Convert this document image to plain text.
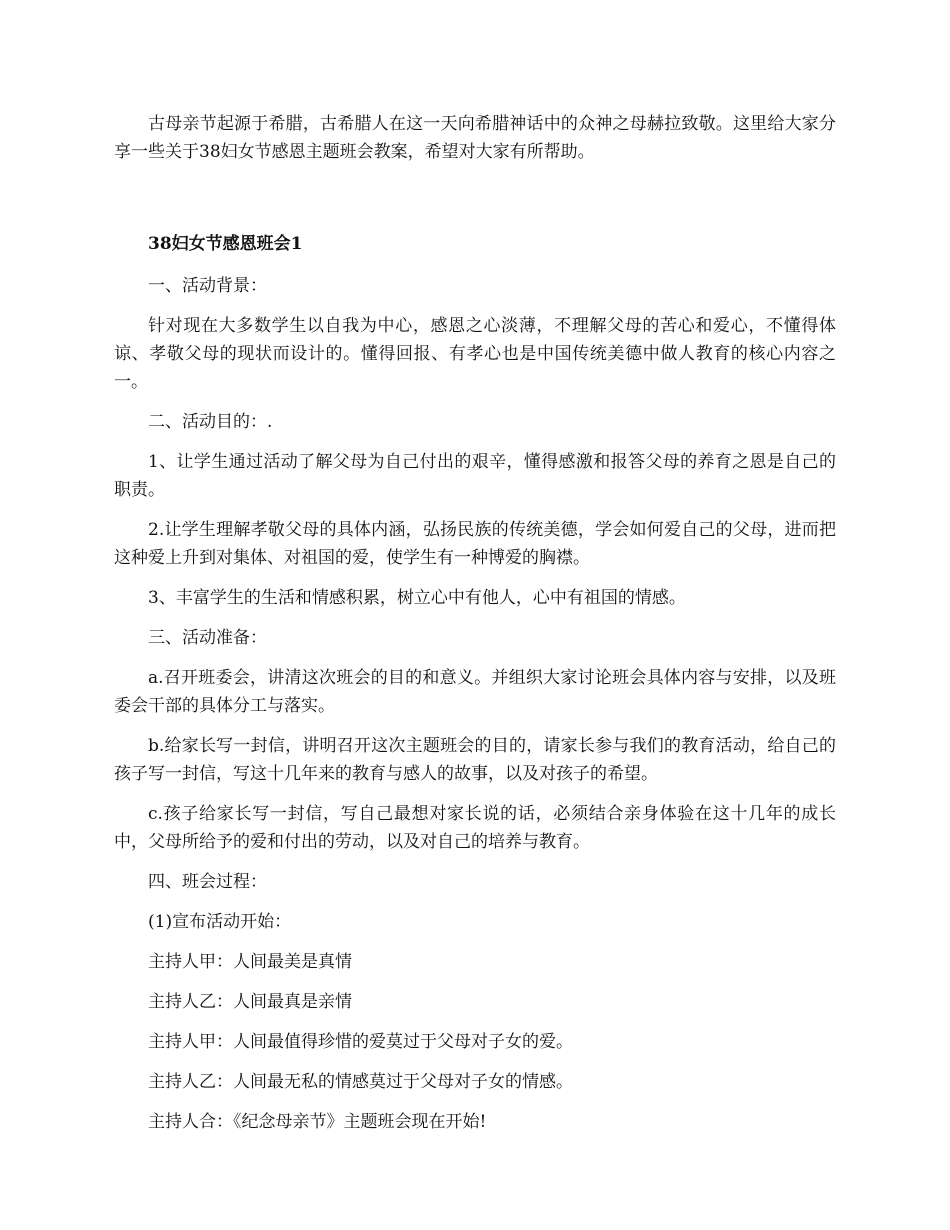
古母亲节起源于希腊，古希腊人在这一天向希腊神话中的众神之母赫拉致敬。这里给大家分享一些关于38妇女节感恩主题班会教案，希望对大家有所帮助。

38妇女节感恩班会1

一、活动背景：

针对现在大多数学生以自我为中心，感恩之心淡薄，不理解父母的苦心和爱心，不懂得体谅、孝敬父母的现状而设计的。懂得回报、有孝心也是中国传统美德中做人教育的核心内容之一。

二、活动目的：.

1、让学生通过活动了解父母为自己付出的艰辛，懂得感激和报答父母的养育之恩是自己的职责。

2.让学生理解孝敬父母的具体内涵，弘扬民族的传统美德，学会如何爱自己的父母，进而把这种爱上升到对集体、对祖国的爱，使学生有一种博爱的胸襟。

3、丰富学生的生活和情感积累，树立心中有他人，心中有祖国的情感。

三、活动准备：

a.召开班委会，讲清这次班会的目的和意义。并组织大家讨论班会具体内容与安排，以及班委会干部的具体分工与落实。

b.给家长写一封信，讲明召开这次主题班会的目的，请家长参与我们的教育活动，给自己的孩子写一封信，写这十几年来的教育与感人的故事，以及对孩子的希望。

c.孩子给家长写一封信，写自己最想对家长说的话，必须结合亲身体验在这十几年的成长中，父母所给予的爱和付出的劳动，以及对自己的培养与教育。

四、班会过程：

(1)宣布活动开始：

主持人甲：人间最美是真情

主持人乙：人间最真是亲情

主持人甲：人间最值得珍惜的爱莫过于父母对子女的爱。

主持人乙：人间最无私的情感莫过于父母对子女的情感。

主持人合：《纪念母亲节》主题班会现在开始!
